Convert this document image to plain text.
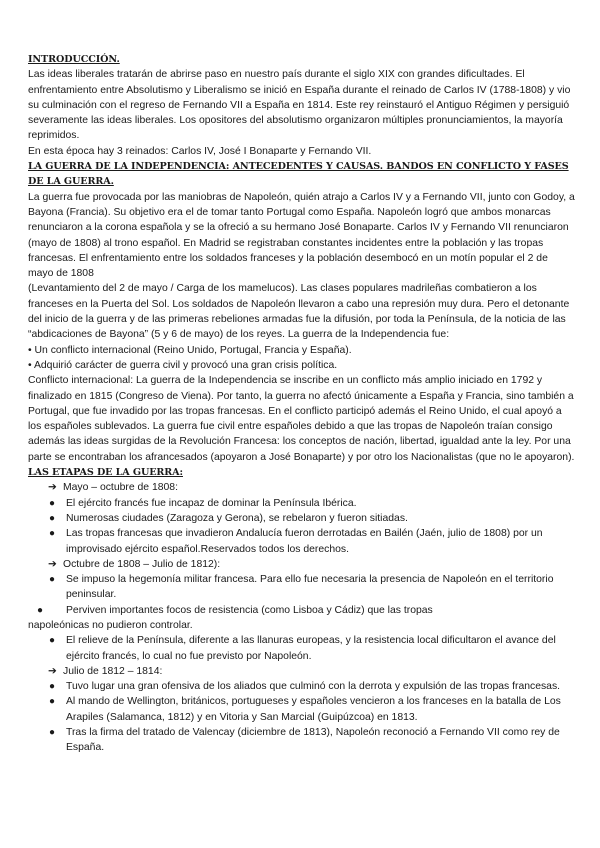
INTRODUCCIÓN.

Las ideas liberales tratarán de abrirse paso en nuestro país durante el siglo XIX con grandes dificultades. El enfrentamiento entre Absolutismo y Liberalismo se inició en España durante el reinado de Carlos IV (1788-1808) y vio su culminación con el regreso de Fernando VII a España en 1814. Este rey reinstauró el Antiguo Régimen y persiguió severamente las ideas liberales. Los opositores del absolutismo organizaron múltiples pronunciamientos, la mayoría reprimidos.

En esta época hay 3 reinados: Carlos IV, José I Bonaparte y Fernando VII.

LA GUERRA DE LA INDEPENDENCIA: ANTECEDENTES Y CAUSAS. BANDOS EN CONFLICTO Y FASES DE LA GUERRA.

La guerra fue provocada por las maniobras de Napoleón, quién atrajo a Carlos IV y a Fernando VII, junto con Godoy, a Bayona (Francia). Su objetivo era el de tomar tanto Portugal como España. Napoleón logró que ambos monarcas renunciaron a la corona española y se la ofreció a su hermano José Bonaparte. Carlos IV y Fernando VII renunciaron (mayo de 1808) al trono español. En Madrid se registraban constantes incidentes entre la población y las tropas francesas. El enfrentamiento entre los soldados franceses y la población desembocó en un motín popular el 2 de mayo de 1808

(Levantamiento del 2 de mayo / Carga de los mamelucos). Las clases populares madrileñas combatieron a los franceses en la Puerta del Sol. Los soldados de Napoleón llevaron a cabo una represión muy dura. Pero el detonante del inicio de la guerra y de las primeras rebeliones armadas fue la difusión, por toda la Península, de la noticia de las “abdicaciones de Bayona” (5 y 6 de mayo) de los reyes. La guerra de la Independencia fue:

• Un conflicto internacional (Reino Unido, Portugal, Francia y España).

• Adquirió carácter de guerra civil y provocó una gran crisis política.

Conflicto internacional: La guerra de la Independencia se inscribe en un conflicto más amplio iniciado en 1792 y finalizado en 1815 (Congreso de Viena). Por tanto, la guerra no afectó únicamente a España y Francia, sino también a Portugal, que fue invadido por las tropas francesas. En el conflicto participó además el Reino Unido, el cual apoyó a los españoles sublevados. La guerra fue civil entre españoles debido a que las tropas de Napoleón traían consigo además las ideas surgidas de la Revolución Francesa: los conceptos de nación, libertad, igualdad ante la ley. Por una parte se encontraban los afrancesados (apoyaron a José Bonaparte) y por otro los Nacionalistas (que no le apoyaron).

LAS ETAPAS DE LA GUERRA:
➔ Mayo – octubre de 1808:
● El ejército francés fue incapaz de dominar la Península Ibérica.
● Numerosas ciudades (Zaragoza y Gerona), se rebelaron y fueron sitiadas.
● Las tropas francesas que invadieron Andalucía fueron derrotadas en Bailén (Jaén, julio de 1808) por un improvisado ejército español.Reservados todos los derechos.
➔ Octubre de 1808 – Julio de 1812):
● Se impuso la hegemonía militar francesa. Para ello fue necesaria la presencia de Napoleón en el territorio peninsular.
●	Perviven importantes focos de resistencia (como Lisboa y Cádiz) que las tropas
napoleónicas no pudieron controlar.
● El relieve de la Península, diferente a las llanuras europeas, y la resistencia local dificultaron el avance del ejército francés, lo cual no fue previsto por Napoleón.
➔ Julio de 1812 – 1814:
● Tuvo lugar una gran ofensiva de los aliados que culminó con la derrota y expulsión de las tropas francesas.
● Al mando de Wellington, británicos, portugueses y españoles vencieron a los franceses en la batalla de Los Arapiles (Salamanca, 1812) y en Vitoria y San Marcial (Guipúzcoa) en 1813.
● Tras la firma del tratado de Valencay (diciembre de 1813), Napoleón reconoció a Fernando VII como rey de España.
